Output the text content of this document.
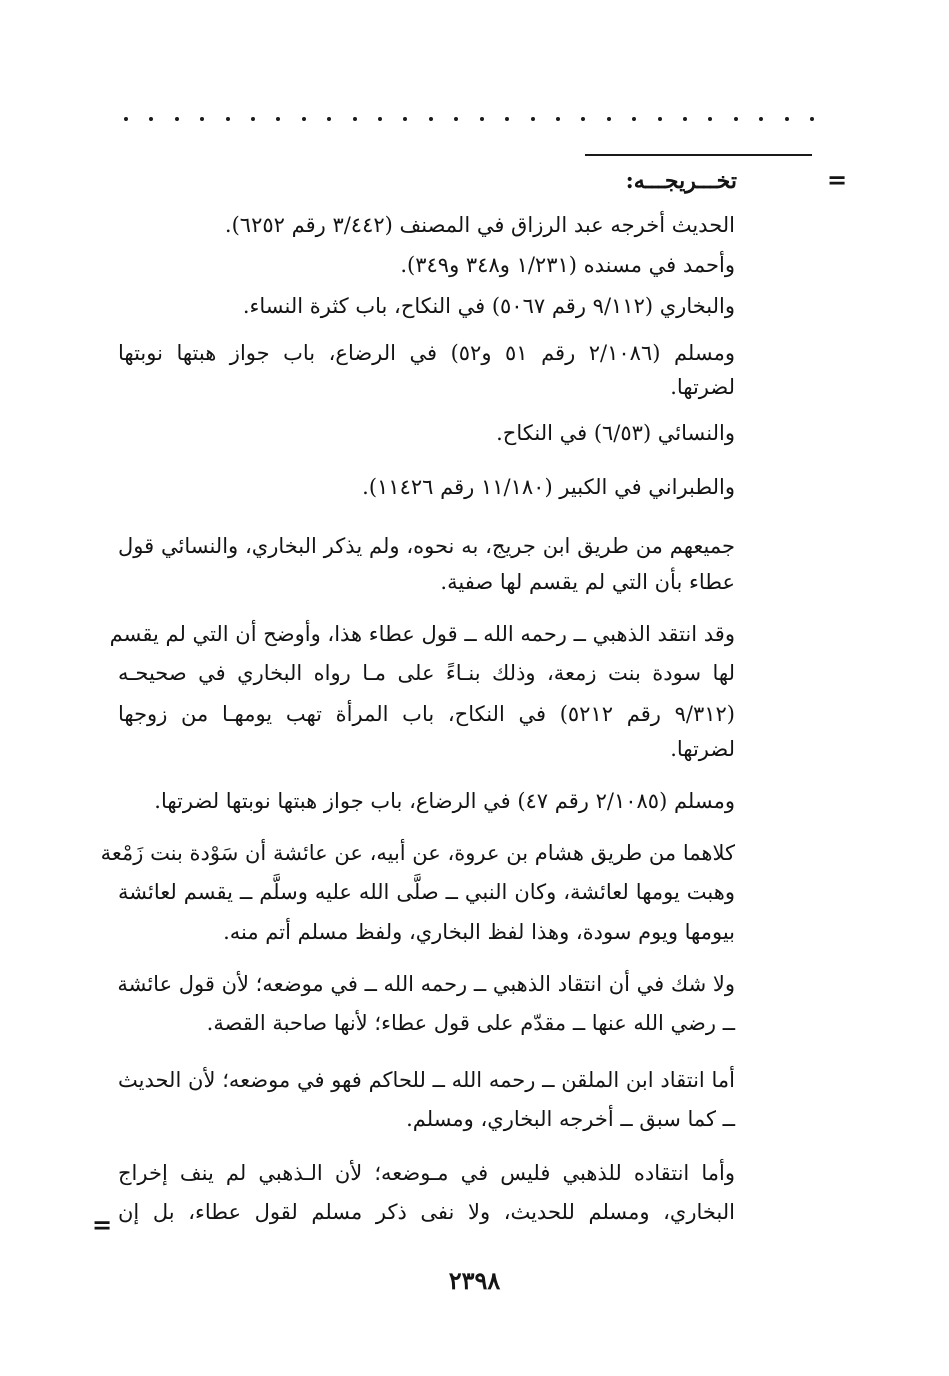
=
تخـــريجـــه:
الحديث أخرجه عبد الرزاق في المصنف (٣/٤٤٢ رقم ٦٢٥٢).
وأحمد في مسنده (١/٢٣١ و٣٤٨ و٣٤٩).
والبخاري (٩/١١٢ رقم ٥٠٦٧) في النكاح، باب كثرة النساء.
ومسلم (٢/١٠٨٦ رقم ٥١ و٥٢) في الرضاع، باب جواز هبتها نوبتها
لضرتها.
والنسائي (٦/٥٣) في النكاح.
والطبراني في الكبير (١١/١٨٠ رقم ١١٤٢٦).
جميعهم من طريق ابن جريج، به نحوه، ولم يذكر البخاري، والنسائي قول
عطاء بأن التي لم يقسم لها صفية.
وقد انتقد الذهبي ــ رحمه الله ــ قول عطاء هذا، وأوضح أن التي لم يقسم
لها سودة بنت زمعة، وذلك بنـاءً على مـا رواه البخاري في صحيحـه
(٩/٣١٢ رقم ٥٢١٢) في النكاح، باب المرأة تهب يومهـا من زوجها
لضرتها.
ومسلم (٢/١٠٨٥ رقم ٤٧) في الرضاع، باب جواز هبتها نوبتها لضرتها.
كلاهما من طريق هشام بن عروة، عن أبيه، عن عائشة أن سَوْدة بنت زَمْعة
وهبت يومها لعائشة، وكان النبي ــ صلَّى الله عليه وسلَّم ــ يقسم لعائشة
بيومها ويوم سودة، وهذا لفظ البخاري، ولفظ مسلم أتم منه.
ولا شك في أن انتقاد الذهبي ــ رحمه الله ــ في موضعه؛ لأن قول عائشة
ــ رضي الله عنها ــ مقدّم على قول عطاء؛ لأنها صاحبة القصة.
أما انتقاد ابن الملقن ــ رحمه الله ــ للحاكم فهو في موضعه؛ لأن الحديث
ــ كما سبق ــ أخرجه البخاري، ومسلم.
وأما انتقاده للذهبي فليس في مـوضعه؛ لأن الـذهبي لم ينف إخراج
البخاري، ومسلم للحديث، ولا نفى ذكر مسلم لقول عطاء، بل إن
=
٢٣٩٨
